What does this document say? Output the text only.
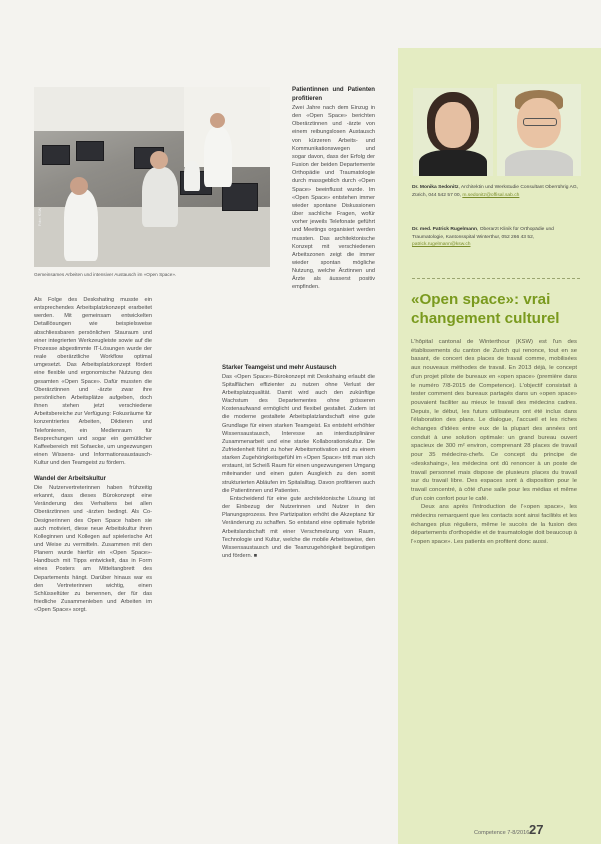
Foto: KSW
Gemeinsames Arbeiten und intensiver Austausch im «Open Space».

Als Folge des Deskshating musste ein entsprechendes Arbeitsplatzkonzept erarbeitet werden. Mit gemeinsam entwickelten Detaillösungen wie beispielsweise abschliessbaren persönlichen Stauraum und einer integrierten Werkzeugleiste sowie auf die Prozesse abgestimmte IT-Lösungen wurde der reale oberärztliche Workflow optimal umgesetzt. Das Arbeitsplatzkonzept fördert eine flexible und ergonomische Nutzung des gesamten «Open Space». Dafür mussten die Oberärztinnen und -ärzte zwar ihre persönlichen Arbeitsplätze aufgeben, doch ihnen stehen jetzt verschiedene Arbeitsbereiche zur Verfügung: Fokusräume für konzentriertes Arbeiten, Diktieren und Telefonieren, ein Medienraum für Besprechungen und sogar ein gemütlicher Kaffeebereich mit Sofaecke, um ungezwungen einen Wissens- und Informationsaustausch-Kultur und den Teamgeist zu fördern.

Wandel der Arbeitskultur

Die Nutzervertreterinnen haben frühzeitig erkannt, dass dieses Bürokonzept eine Veränderung des Verhaltens bei allen Oberärztinnen und -ärzten bedingt. Als Co-Designerinnen des Open Space haben sie auch motiviert, diese neue Arbeitskultur ihren Kolleginnen und Kollegen auf spielerische Art und Weise zu vermitteln. Zusammen mit den Planern wurde hierfür ein «Open Space»-Handbuch mit Tipps entwickelt, das in Form eines Posters am Mitteltangbrett des Departements hängt. Darüber hinaus war es den Vertreterinnen wichtig, einen Schlüsseltüter zu benennen, der für das friedliche Zusammenleben und Arbeiten im «Open Space» sorgt.

Patientinnen und Patienten profitieren

Zwei Jahre nach dem Einzug in den «Open Space» berichten Oberärztinnen und -ärzte von einem reibungslosen Austausch von kürzeren Arbeits- und Kommunikationswegen und sogar davon, dass der Erfolg der Fusion der beiden Departemente Orthopädie und Traumatologie durch massgeblich durch «Open Space» beeinflusst wurde. Im «Open Space» entstehen immer wieder spontane Diskussionen über sachliche Fragen, wofür vorher jeweils Telefonate geführt und Meetings organisiert werden mussten. Das architektonische Konzept mit verschiedenen Arbeitszonen zeigt die immer wieder spontan mögliche Nutzung, welche Ärztinnen und Ärzte als äusserst positiv empfinden.

Starker Teamgeist und mehr Austausch

Das «Open Space»-Bürokonzept mit Deskshaing erlaubt die Spitalflächen effizienter zu nutzen ohne Verlust der Arbeitsplatzqualität. Damit wird auch den zukünftige Wachstum des Departementes ohne grösseren Kostenaufwand ermöglicht und flexibel gestaltet. Zudem ist die moderne gestaltete Arbeitsplatzlandschaft eine gute Grundlage für einen starken Teamgeist. Es entsteht erhöhter Wissensaustausch, Interesse an interdisziplinärer Zusammenarbeit und eine starke Kollaborationskultur. Die Zufriedenheit führt zu hoher Arbeitsmotivation und zu einem starken Zugehörigkeitsgefühl im «Open Space» tritt man sich erstaunt, ist Scheiß Raum für einen ungezwungenen Umgang miteinander und einen guten Ausgleich zu den somit strukturierten Abläufen im Spitalalltag. Davon profitieren auch die Patientinnen und Patienten.

Entscheidend für eine gute architektonische Lösung ist der Einbezug der Nutzerinnen und Nutzer in den Planungsprozess. Ihre Partizipation erhöht die Akzeptanz für Veränderung zu schaffen. So entstand eine optimale hybride Arbeitslandschaft mit einer Verschmelzung von Raum, Technologie und Kultur, welche die mobile Arbeitsweise, den Wissensaustausch und die Teamzugehörigkeit begünstigen und fördern. ■

Dr. Monika Sedonitz, Architektin und Werkstudie Consultant Oberrührig AG, Zürich, 044 542 57 00, m.sedonitz@offisal.sab.ch
Dr. med. Patrick Rugelmann, Oberarzt Klinik für Orthopädie und Traumatologie, Kantonsspital Winterthur, 052 266 43 52, patrick.rugelmann@ksw.ch
«Open space»: vrai changement culturel

L'hôpital cantonal de Winterthour (KSW) est l'un des établissements du canton de Zurich qui renonce, tout en se basant, de concert des places de travail comme, mobilisées aux nouveaux méthodes de travail. En 2013 déjà, le concept d'un projet pilote de bureaux en «open space» (première dans le numéro 7/8-2015 de Competence). L'objectif consistait à tester comment des bureaux partagés dans un «open space» pouvaient faciliter au mieux le travail des médecins cadres. Depuis, le début, les futurs utilisateurs ont été inclus dans l'élaboration des plans. Le dialogue, l'accueil et les riches échanges d'idées entre eux de la plupart des années ont conduit à une solution optimale: un grand bureau ouvert spacieux de 300 m² environ, comprenant 28 places de travail pour 35 médecins-chefs. Ce concept du principe de «deskshaing», les médecins ont dû renoncer à un poste de travail personnel mais dispose de plusieurs places du travail sur du travail libre. Des espaces sont à disposition pour le travail concentré, à côté d'une salle pour les médias et même d'un coin confort pour le café.

Deux ans après l'introduction de l'«open space», les médecins remarquent que les contacts sont ainsi facilités et les échanges plus réguliers, même le succès de la fusion des départements d'orthopédie et de traumatologie doit beaucoup à l'«open space». Les patients en profitent donc aussi.

Competence 7-8/2016 27
